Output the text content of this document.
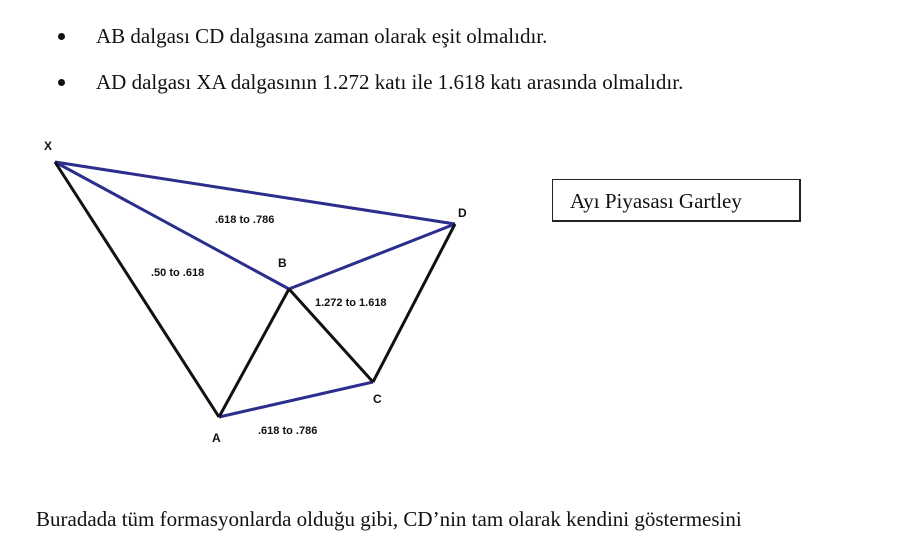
AB dalgası CD dalgasına zaman olarak eşit olmalıdır.
AD dalgası XA dalgasının 1.272 katı ile 1.618 katı arasında olmalıdır.
X
A
B
C
D
.618 to .786
.50 to .618
1.272 to 1.618
.618 to .786
Ayı Piyasası Gartley
Buradada tüm formasyonlarda olduğu gibi, CD’nin tam olarak kendini göstermesini
